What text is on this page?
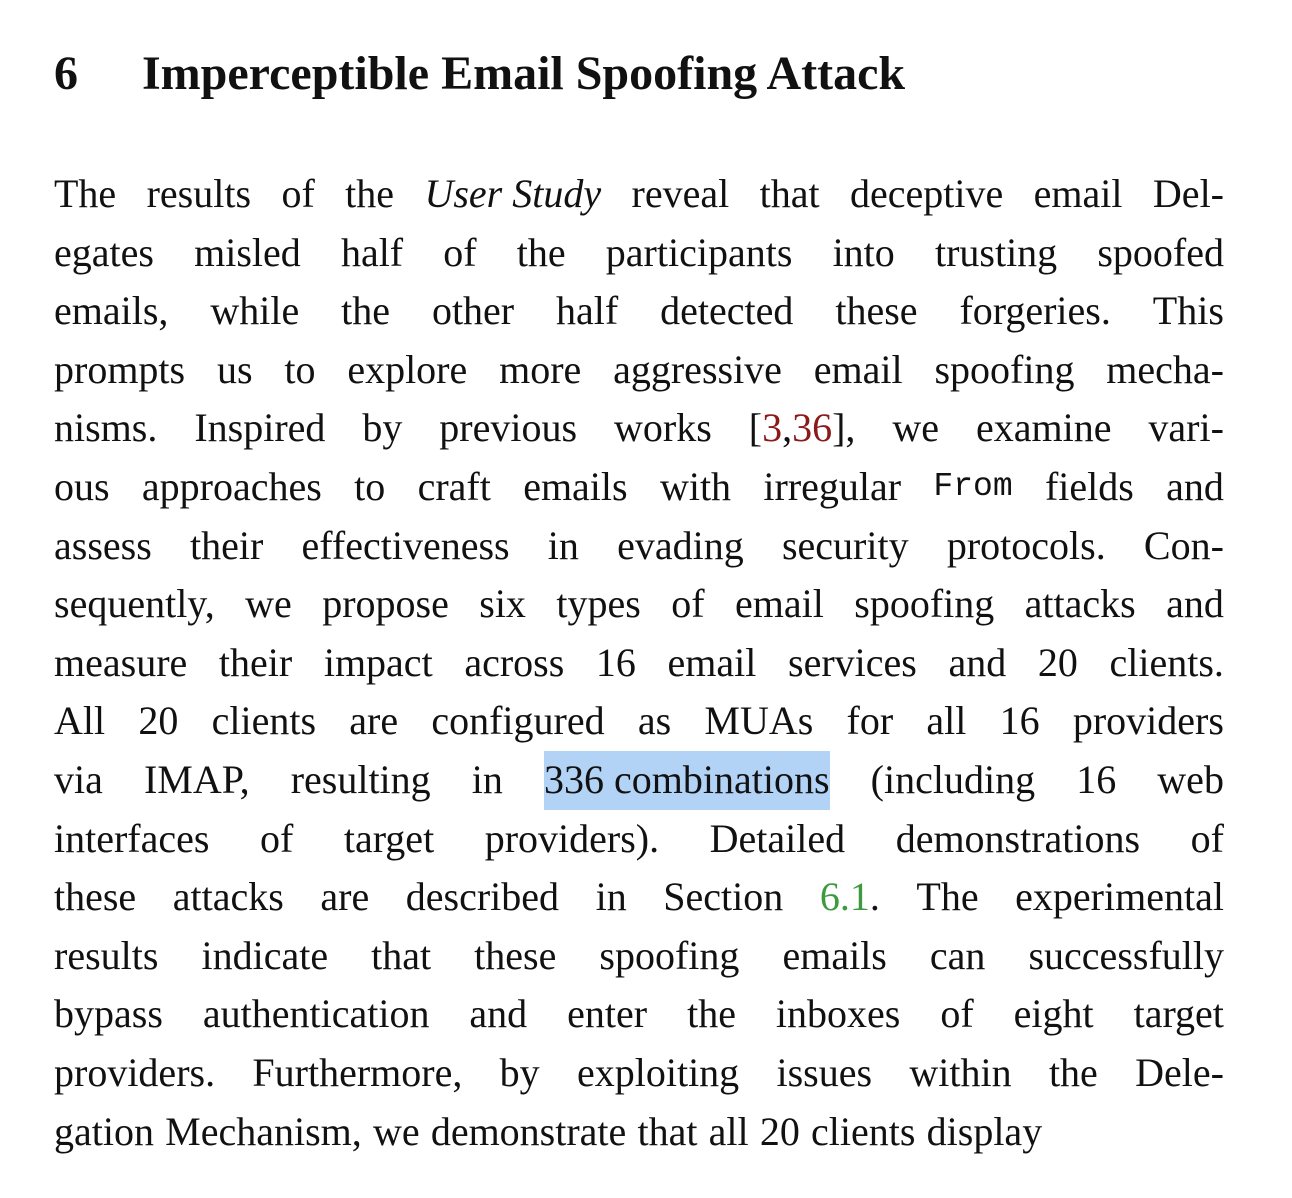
6	Imperceptible Email Spoofing Attack
The results of the User Study reveal that deceptive email Del-
egates misled half of the participants into trusting spoofed
emails, while the other half detected these forgeries. This
prompts us to explore more aggressive email spoofing mecha-
nisms. Inspired by previous works [3,36], we examine vari-
ous approaches to craft emails with irregular From fields and
assess their effectiveness in evading security protocols. Con-
sequently, we propose six types of email spoofing attacks and
measure their impact across 16 email services and 20 clients.
All 20 clients are configured as MUAs for all 16 providers
via IMAP, resulting in 336 combinations (including 16 web
interfaces of target providers). Detailed demonstrations of
these attacks are described in Section 6.1. The experimental
results indicate that these spoofing emails can successfully
bypass authentication and enter the inboxes of eight target
providers. Furthermore, by exploiting issues within the Dele-
gation Mechanism, we demonstrate that all 20 clients display
